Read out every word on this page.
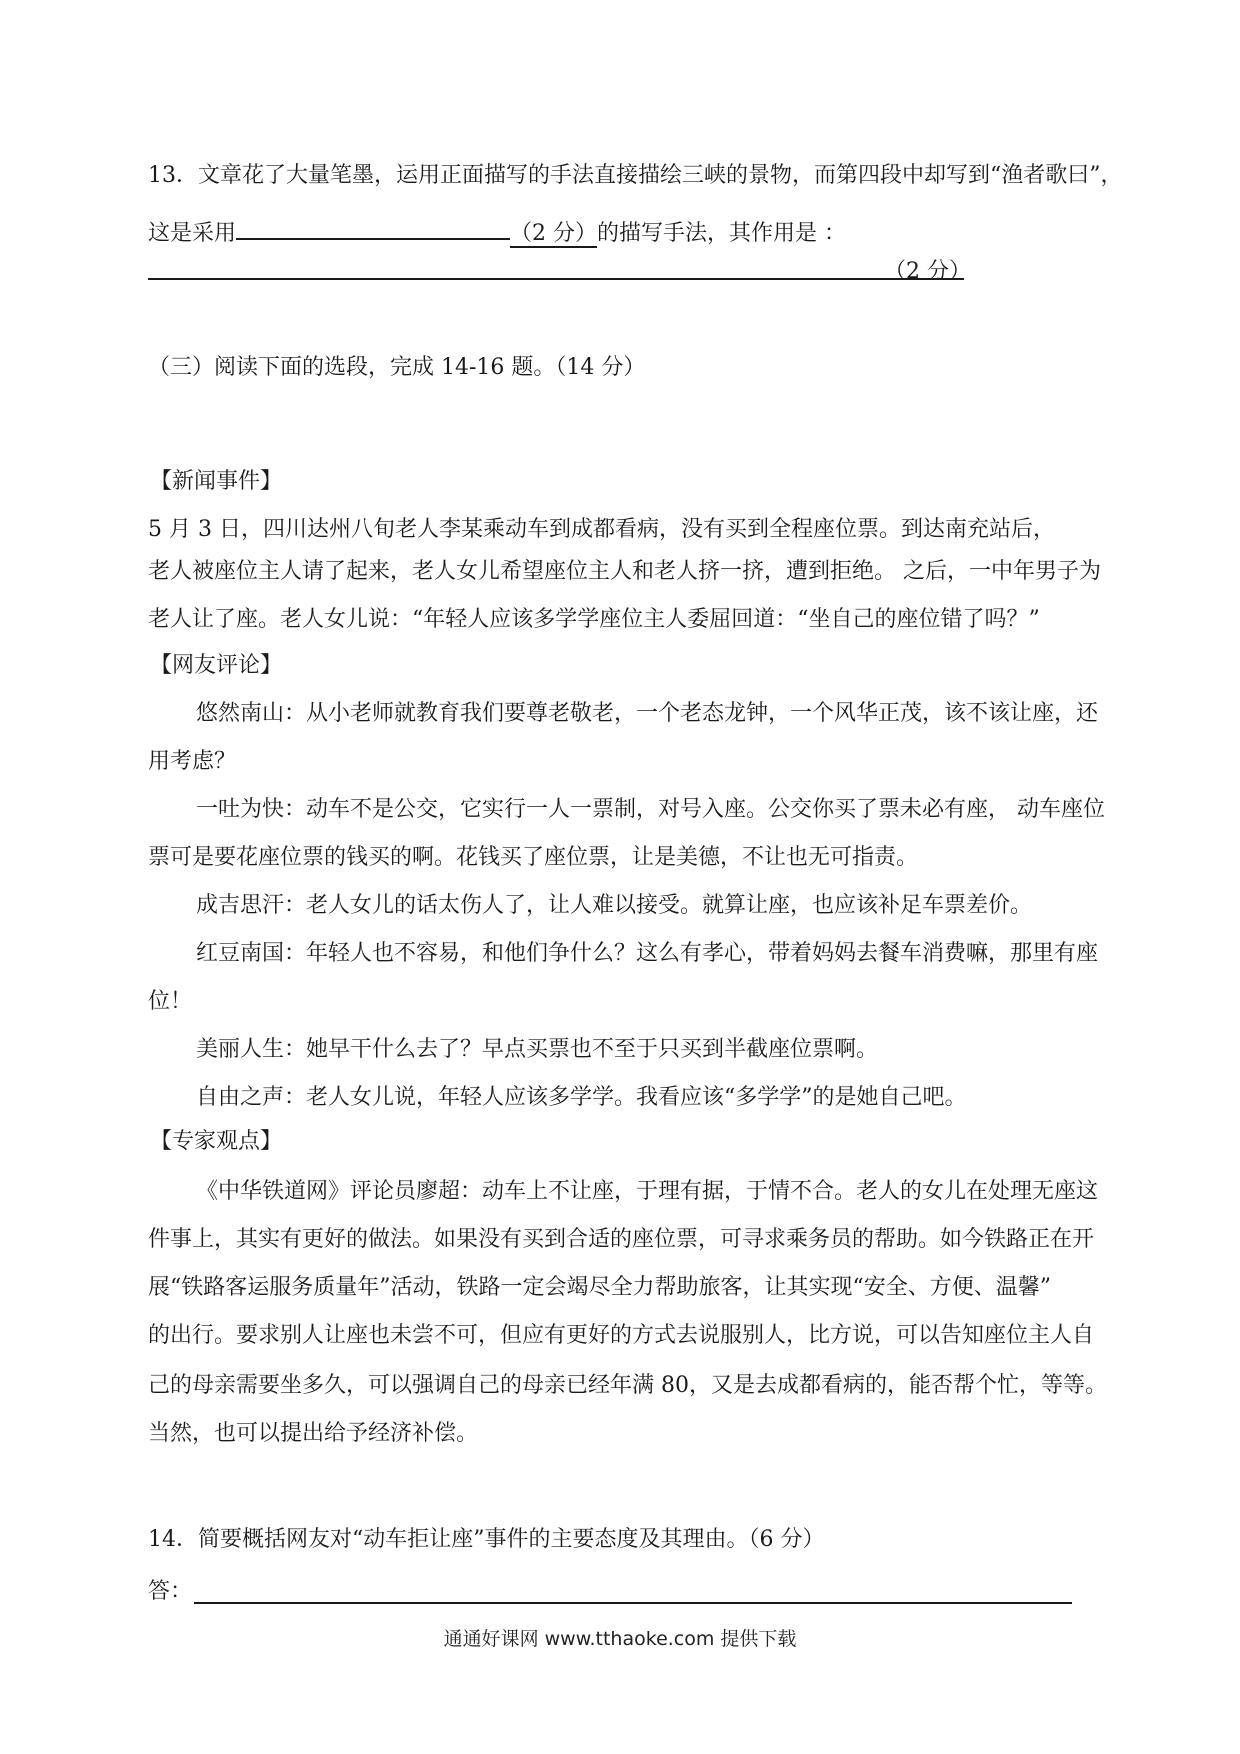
13．文章花了大量笔墨，运用正面描写的手法直接描绘三峡的景物，而第四段中却写到“渔者歌曰”，
这是采用	（2 分）的描写手法，其作用是 ：
（2 分）
（三）阅读下面的选段，完成 14-16 题。（14 分）
【新闻事件】
5 月 3 日，四川达州八旬老人李某乘动车到成都看病，没有买到全程座位票。到达南充站后，
老人被座位主人请了起来，老人女儿希望座位主人和老人挤一挤，遭到拒绝。 之后，一中年男子为
老人让了座。老人女儿说：“年轻人应该多学学座位主人委屈回道：“坐自己的座位错了吗？”
【网友评论】
悠然南山：从小老师就教育我们要尊老敬老，一个老态龙钟，一个风华正茂，该不该让座，还
用考虑？
一吐为快：动车不是公交，它实行一人一票制，对号入座。公交你买了票未必有座， 动车座位
票可是要花座位票的钱买的啊。花钱买了座位票，让是美德，不让也无可指责。
成吉思汗：老人女儿的话太伤人了，让人难以接受。就算让座，也应该补足车票差价。
红豆南国：年轻人也不容易，和他们争什么？这么有孝心，带着妈妈去餐车消费嘛，那里有座
位！
美丽人生：她早干什么去了？早点买票也不至于只买到半截座位票啊。
自由之声：老人女儿说，年轻人应该多学学。我看应该“多学学”的是她自己吧。
【专家观点】
《中华铁道网》评论员廖超：动车上不让座，于理有据，于情不合。老人的女儿在处理无座这
件事上，其实有更好的做法。如果没有买到合适的座位票，可寻求乘务员的帮助。如今铁路正在开
展“铁路客运服务质量年”活动，铁路一定会竭尽全力帮助旅客，让其实现“安全、方便、温馨”
的出行。要求别人让座也未尝不可，但应有更好的方式去说服别人，比方说，可以告知座位主人自
己的母亲需要坐多久，可以强调自己的母亲已经年满 80，又是去成都看病的，能否帮个忙，等等。
当然，也可以提出给予经济补偿。
14．简要概括网友对“动车拒让座”事件的主要态度及其理由。（6 分）
答：
通通好课网 www.tthaoke.com 提供下载
